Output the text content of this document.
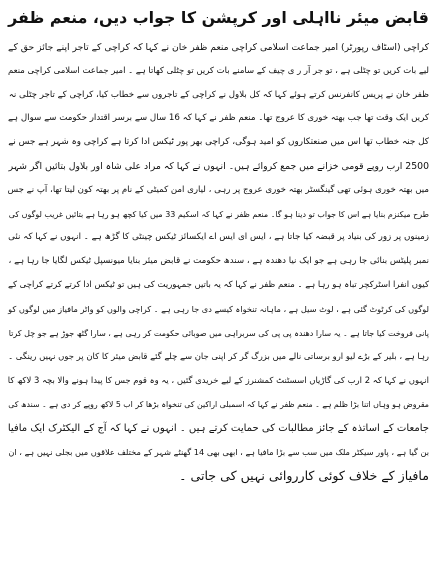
قابض میئر نااہلی اور کرپشن کا جواب دیں، منعم ظفر
کراچی (اسٹاف رپورٹر) امیر جماعت اسلامی کراچی منعم ظفر خان نے کہا کہ کراچی کے تاجر اپنے جائز حق کے
لیے بات کریں تو چٹلی ہے ، تو جر آر ر ی چیف کے سامنے بات کریں تو چٹلی کھاتا ہے ۔ امیر جماعت اسلامی کراچی منعم
ظفر خان نے پریس کانفرنس کرتے ہوئے کہا کہ کل بلاول نے کراچی کے تاجروں سے خطاب کیا، کراچی کے تاجر چٹلی نہ
کریں ایک وقت تھا جب بھتہ خوری کا عروج تھا۔ منعم ظفر نے کہا کہ 16 سال سے برسر اقتدار حکومت سے سوال ہے
کل جنہ خطاب تھا اس میں صنعتکاروں کو امید ہوگی، کراچی بھر پور ٹیکس ادا کرتا ہے کراچی وہ شہر ہے جس نے
2500 ارب روپے قومی خزانے میں جمع کروائے ہیں۔ انہوں نے کہا کہ مراد علی شاہ اور بلاول بتائیں اگر شہر
میں بھتہ خوری ہوئی تھی گینگسٹر بھتہ خوری عروج پر رہی ، لیاری امن کمیٹی کے نام پر بھتہ کون لیتا تھا، آپ نے جس
طرح میکنزم بنایا ہے اس کا جواب تو دینا ہو گا۔ منعم ظفر نے کہا کہ اسکیم 33 میں کیا کچھ ہو رہا ہے بتائیں غریب لوگوں کی
زمینوں پر زور کی بنیاد پر قبضہ کیا جاتا ہے ، ایس ای ایس اے ایکسائز ٹیکس چینٹی کا گڑھ ہے ۔ انہوں نے کہا کہ نئی
نمبر پلیٹس بنائی جا رہی ہے جو ایک نیا دھندہ ہے ، سندھ حکومت نے قابض میئر بنایا میونسپل ٹیکس لگایا جا رہا ہے ،
کیوں انفرا اسٹرکچر تباہ ہو رہا ہے ۔ منعم ظفر نے کہا کہ یہ باتیں جمہوریت کی ہیں تو ٹیکس ادا کرتے کرتے کراچی کے
لوگوں کی کرٹوٹ گئی ہے ، لوٹ سیل ہے ، ماہانہ تنخواہ کیسے دی جا رہی ہے ۔ کراچی والوں کو واٹر مافیاز میں لوگوں کو
پانی فروخت کیا جاتا ہے ۔ یہ سارا دھندہ پی پی کی سربراہی میں صوبائی حکومت کر رہی ہے ، سارا گٹھ جوڑ ہے جو چل کرتا
رہا ہے ، بلیر کے بڑے لیو ارو برساتی نالے میں بزرگ گر کر اپنی جان سے چلے گئے قابض میئر کا کان پر جوں نہیں رینگی ۔
انہوں نے کہا کہ 2 ارب کی گاڑیاں اسسٹنٹ کمشنرز کے لیے خریدی گئیں ، یہ وہ قوم جس کا پیدا ہونے والا بچہ 3 لاکھ کا
مقروض ہو وہاں اتنا بڑا ظلم ہے ۔ منعم ظفر نے کہا کہ اسمبلی اراکین کی تنخواہ بڑھا کر اب 5 لاکھ روپے کر دی ہے ۔ سندھ کی
جامعات کے اساتذہ کے جائز مطالبات کی حمایت کرتے ہیں ۔ انہوں نے کہا کہ آج کے الیکٹرک ایک مافیا
بن گیا ہے ، پاور سیکٹر ملک میں سب سے بڑا مافیا ہے ، ابھی بھی 14 گھنٹے شہر کے مختلف علاقوں میں بجلی نہیں ہے ، ان
مافیاز کے خلاف کوئی کارروائی نہیں کی جاتی ۔
